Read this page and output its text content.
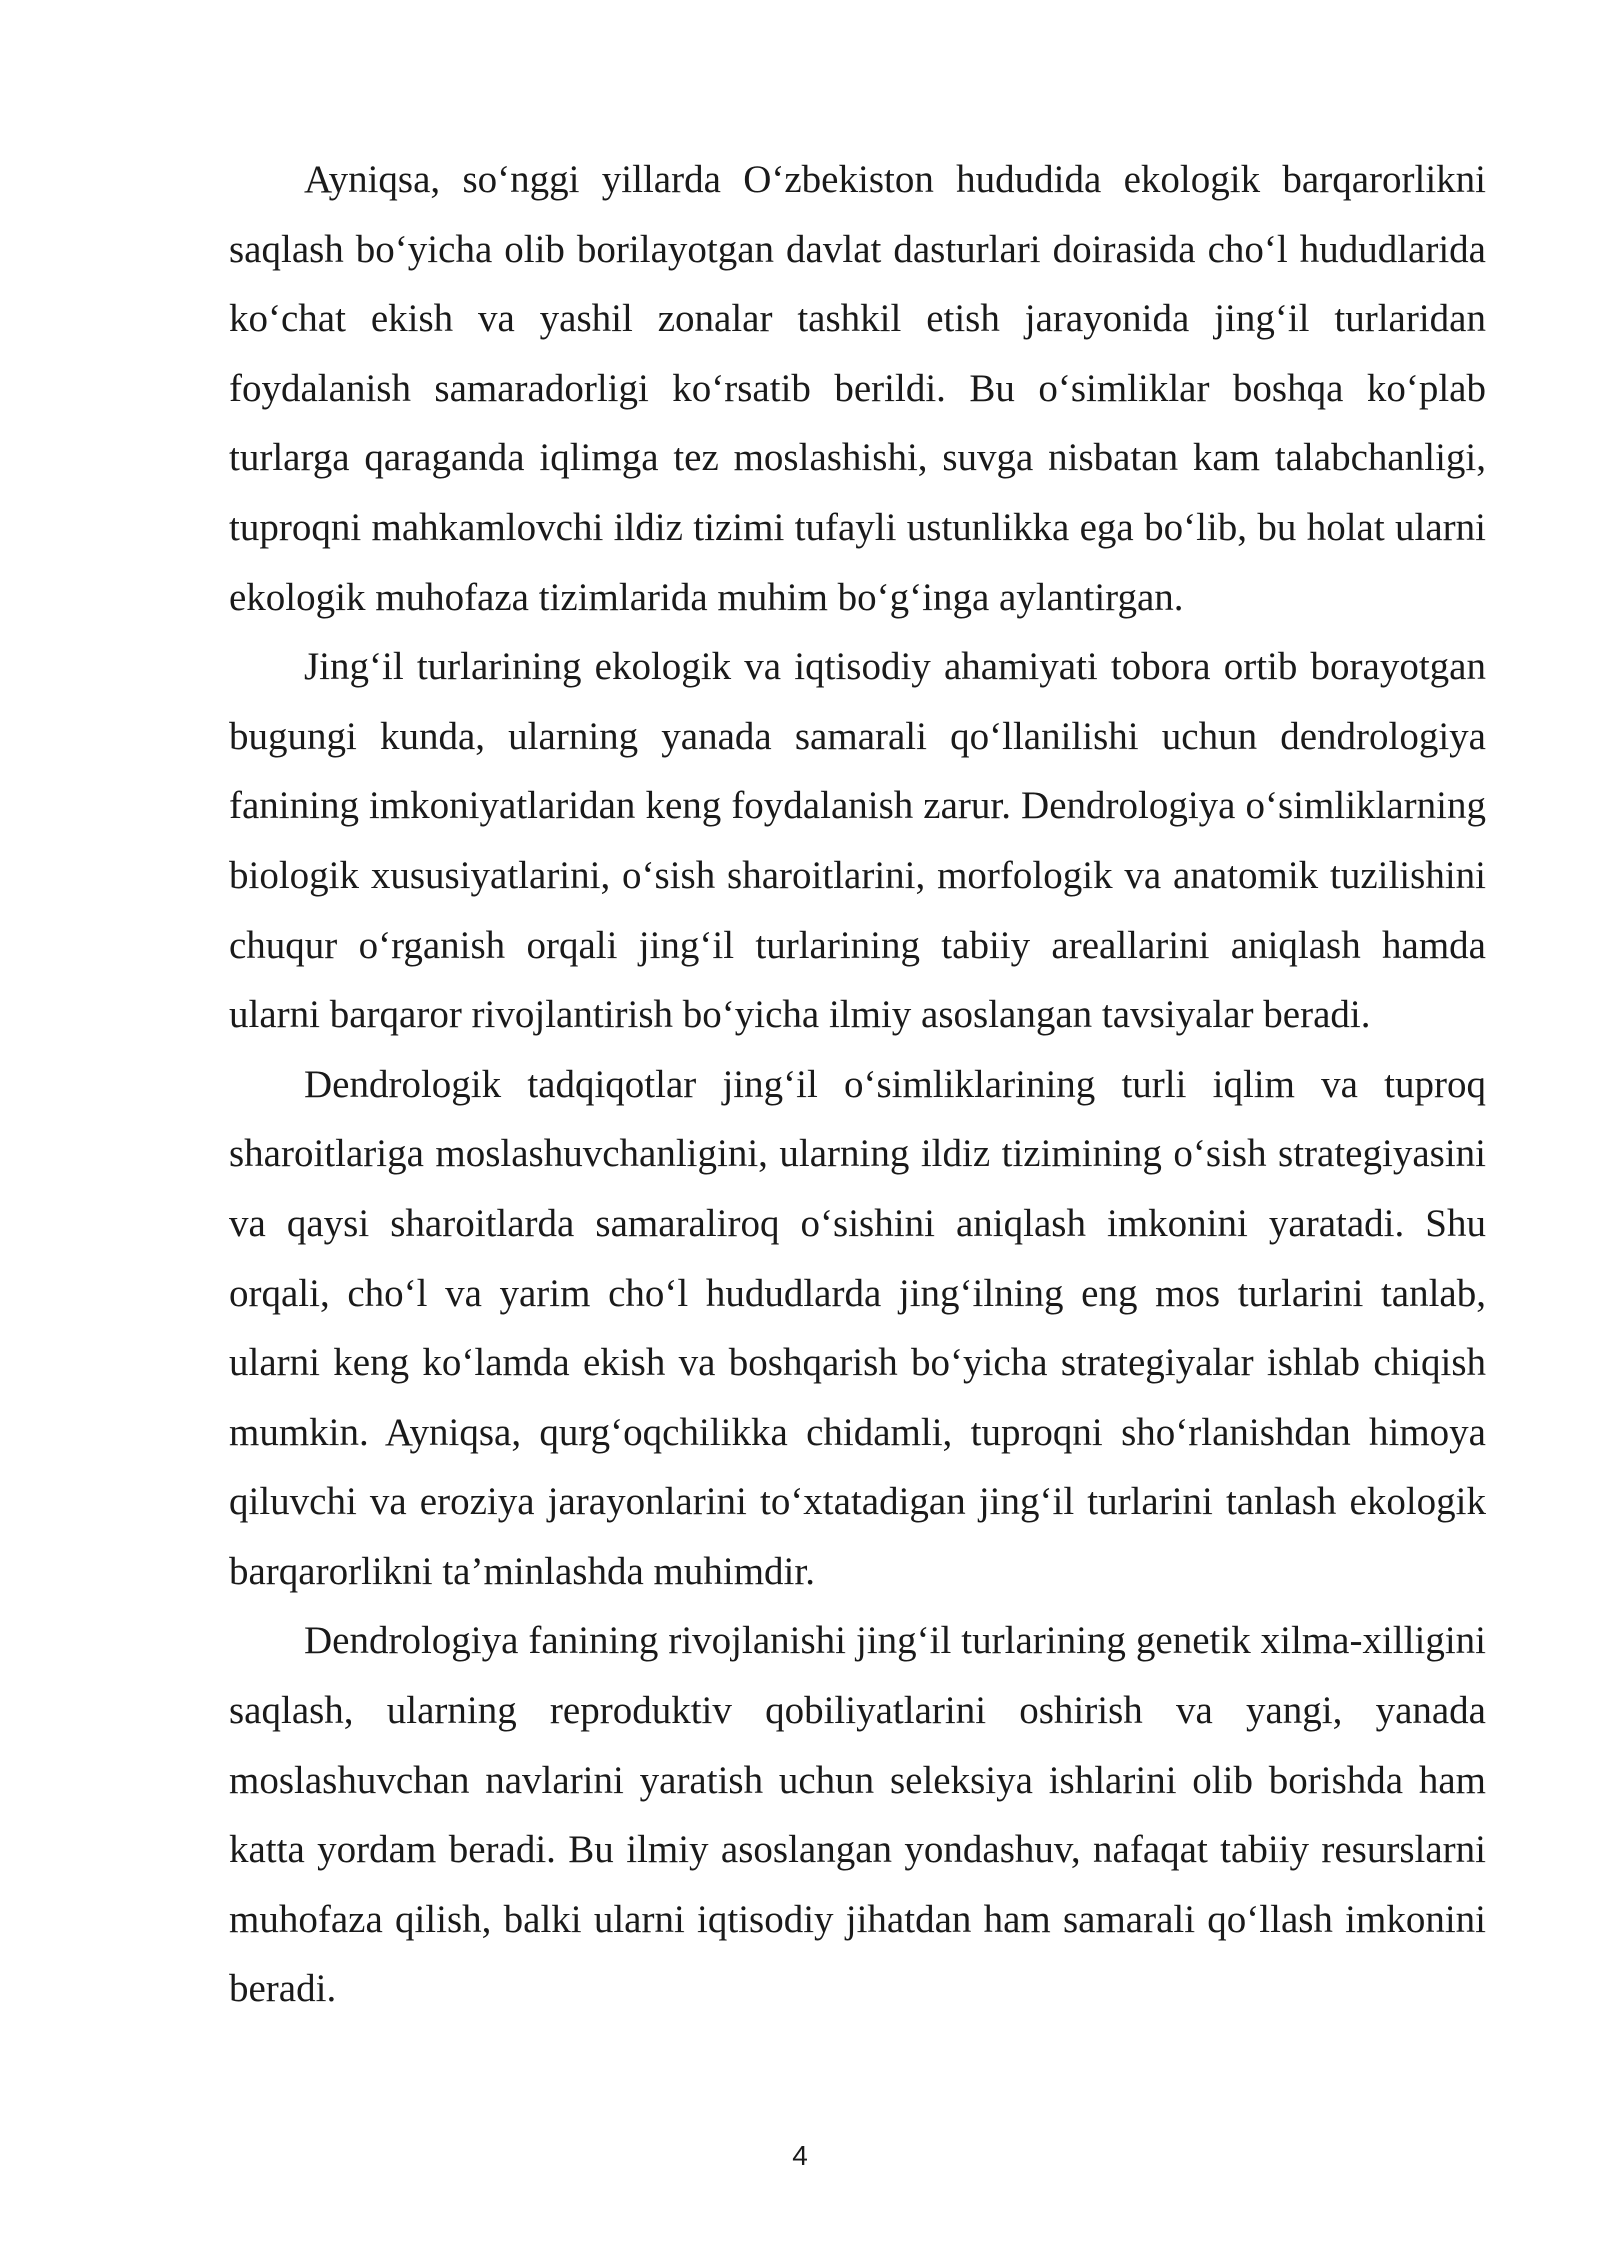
Ayniqsa, so‘nggi yillarda O‘zbekiston hududida ekologik barqarorlikni saqlash bo‘yicha olib borilayotgan davlat dasturlari doirasida cho‘l hududlarida ko‘chat ekish va yashil zonalar tashkil etish jarayonida jing‘il turlaridan foydalanish samaradorligi ko‘rsatib berildi. Bu o‘simliklar boshqa ko‘plab turlarga qaraganda iqlimga tez moslashishi, suvga nisbatan kam talabchanligi, tuproqni mahkamlovchi ildiz tizimi tufayli ustunlikka ega bo‘lib, bu holat ularni ekologik muhofaza tizimlarida muhim bo‘g‘inga aylantirgan.

Jing‘il turlarining ekologik va iqtisodiy ahamiyati tobora ortib borayotgan bugungi kunda, ularning yanada samarali qo‘llanilishi uchun dendrologiya fanining imkoniyatlaridan keng foydalanish zarur. Dendrologiya o‘simliklarning biologik xususiyatlarini, o‘sish sharoitlarini, morfologik va anatomik tuzilishini chuqur o‘rganish orqali jing‘il turlarining tabiiy areallarini aniqlash hamda ularni barqaror rivojlantirish bo‘yicha ilmiy asoslangan tavsiyalar beradi.

Dendrologik tadqiqotlar jing‘il o‘simliklarining turli iqlim va tuproq sharoitlariga moslashuvchanligini, ularning ildiz tizimining o‘sish strategiyasini va qaysi sharoitlarda samaraliroq o‘sishini aniqlash imkonini yaratadi. Shu orqali, cho‘l va yarim cho‘l hududlarda jing‘ilning eng mos turlarini tanlab, ularni keng ko‘lamda ekish va boshqarish bo‘yicha strategiyalar ishlab chiqish mumkin. Ayniqsa, qurg‘oqchilikka chidamli, tuproqni sho‘rlanishdan himoya qiluvchi va eroziya jarayonlarini to‘xtatadigan jing‘il turlarini tanlash ekologik barqarorlikni ta’minlashda muhimdir.

Dendrologiya fanining rivojlanishi jing‘il turlarining genetik xilma-xilligini saqlash, ularning reproduktiv qobiliyatlarini oshirish va yangi, yanada moslashuvchan navlarini yaratish uchun seleksiya ishlarini olib borishda ham katta yordam beradi. Bu ilmiy asoslangan yondashuv, nafaqat tabiiy resurslarni muhofaza qilish, balki ularni iqtisodiy jihatdan ham samarali qo‘llash imkonini beradi.

4
